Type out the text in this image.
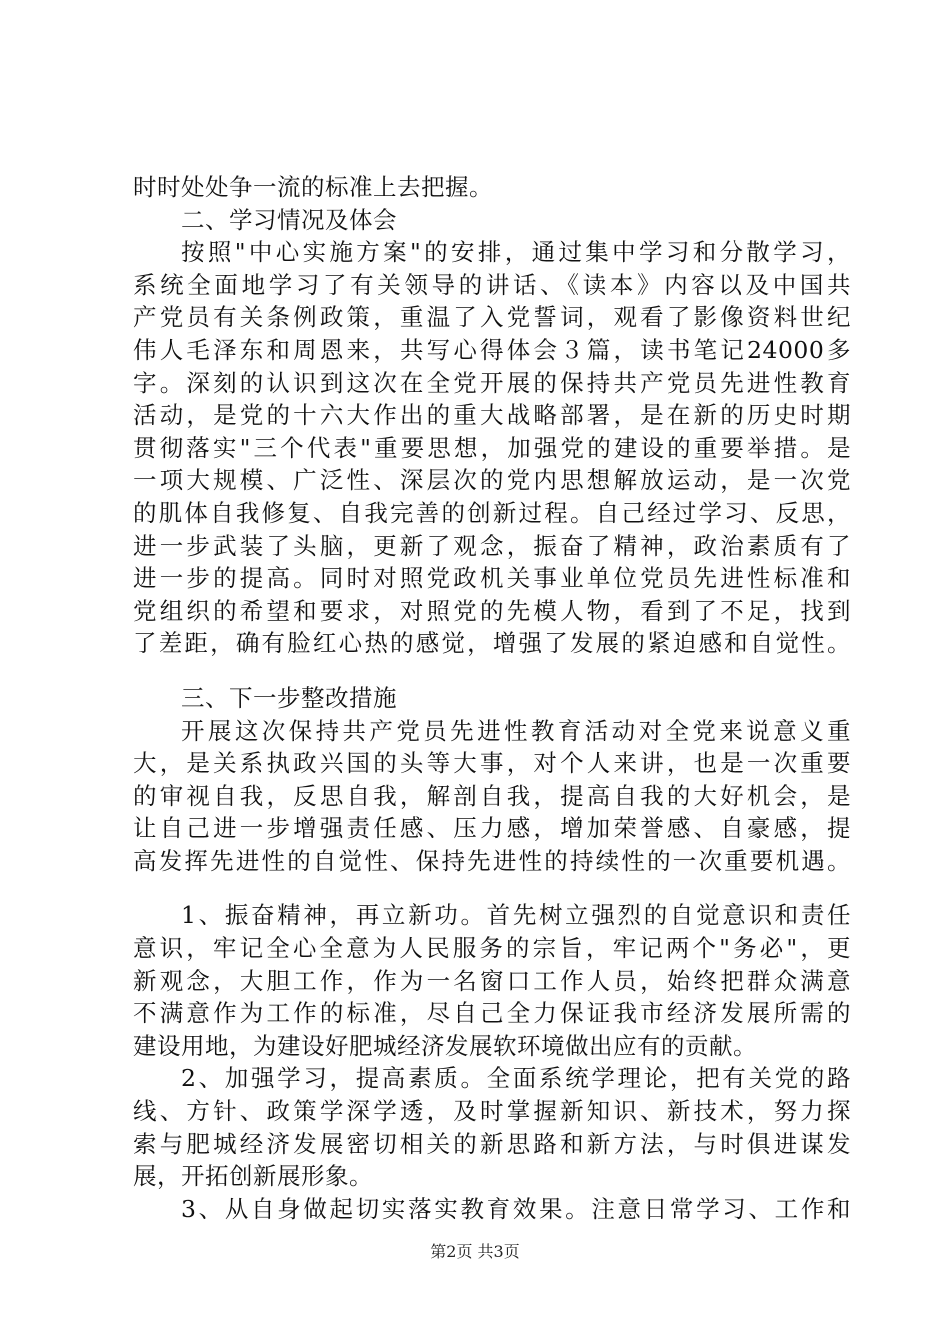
时时处处争一流的标准上去把握。
二、学习情况及体会
按照"中心实施方案"的安排，通过集中学习和分散学习，
系统全面地学习了有关领导的讲话、《读本》内容以及中国共
产党员有关条例政策，重温了入党誓词，观看了影像资料世纪
伟人毛泽东和周恩来，共写心得体会３篇，读书笔记24000多
字。深刻的认识到这次在全党开展的保持共产党员先进性教育
活动，是党的十六大作出的重大战略部署，是在新的历史时期
贯彻落实"三个代表"重要思想，加强党的建设的重要举措。是
一项大规模、广泛性、深层次的党内思想解放运动，是一次党
的肌体自我修复、自我完善的创新过程。自己经过学习、反思，
进一步武装了头脑，更新了观念，振奋了精神，政治素质有了
进一步的提高。同时对照党政机关事业单位党员先进性标准和
党组织的希望和要求，对照党的先模人物，看到了不足，找到
了差距，确有脸红心热的感觉，增强了发展的紧迫感和自觉性。
三、下一步整改措施
开展这次保持共产党员先进性教育活动对全党来说意义重
大，是关系执政兴国的头等大事，对个人来讲，也是一次重要
的审视自我，反思自我，解剖自我，提高自我的大好机会，是
让自己进一步增强责任感、压力感，增加荣誉感、自豪感，提
高发挥先进性的自觉性、保持先进性的持续性的一次重要机遇。
1、振奋精神，再立新功。首先树立强烈的自觉意识和责任
意识，牢记全心全意为人民服务的宗旨，牢记两个"务必"，更
新观念，大胆工作，作为一名窗口工作人员，始终把群众满意
不满意作为工作的标准，尽自己全力保证我市经济发展所需的
建设用地，为建设好肥城经济发展软环境做出应有的贡献。
2、加强学习，提高素质。全面系统学理论，把有关党的路
线、方针、政策学深学透，及时掌握新知识、新技术，努力探
索与肥城经济发展密切相关的新思路和新方法，与时俱进谋发
展，开拓创新展形象。
3、从自身做起切实落实教育效果。注意日常学习、工作和
第2页 共3页
